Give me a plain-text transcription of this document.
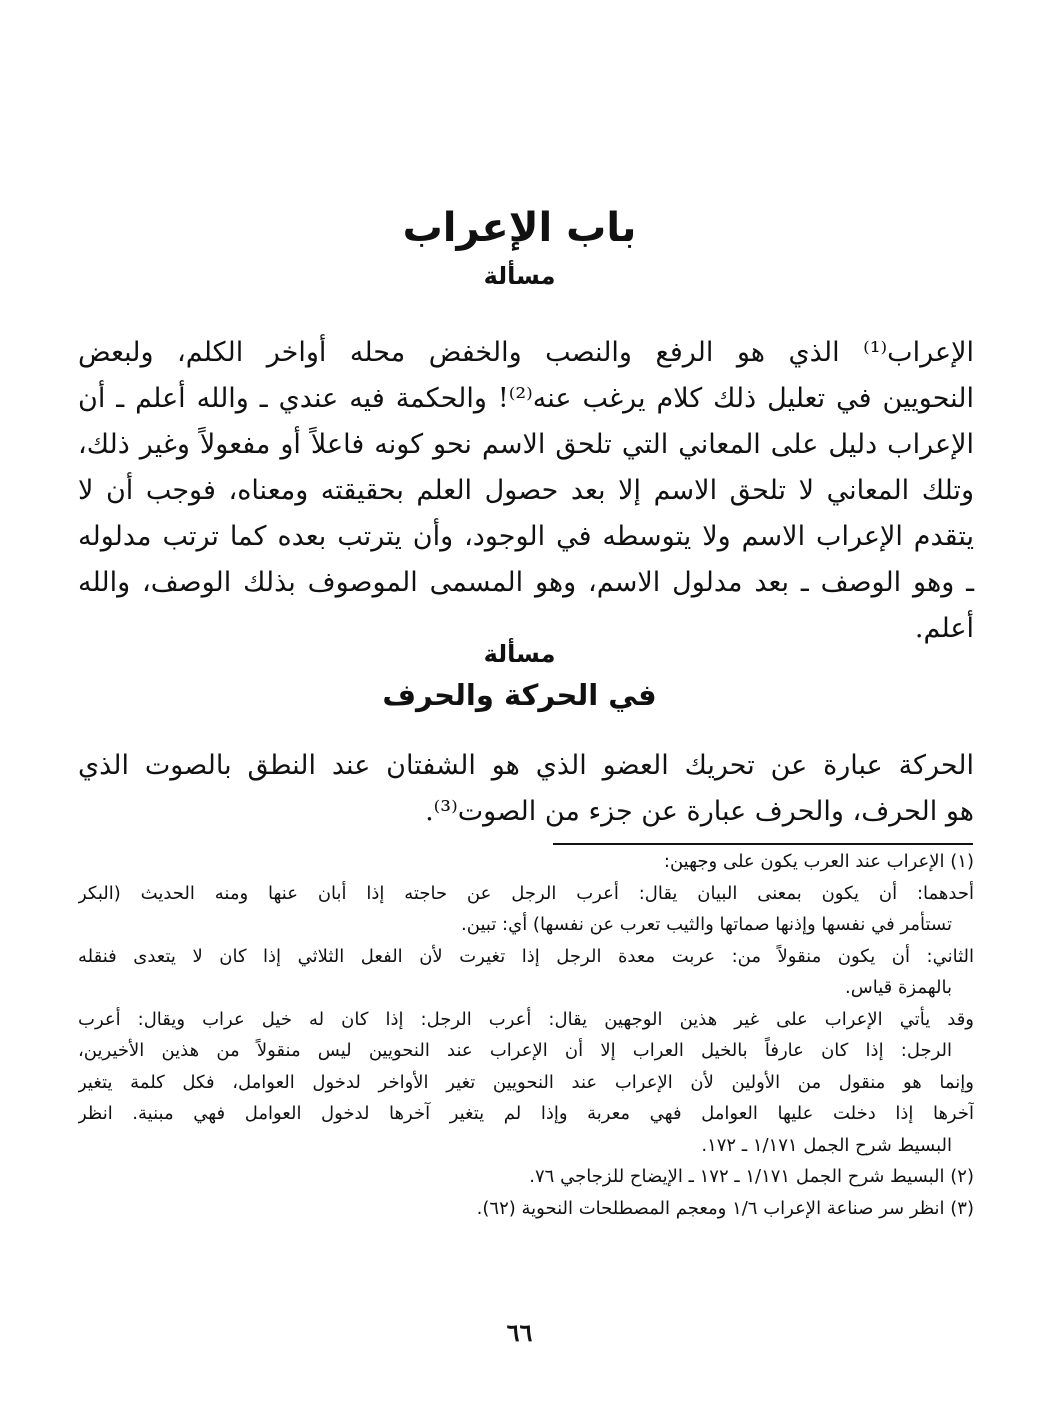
باب الإعراب
مسألة
الإعراب⁽¹⁾ الذي هو الرفع والنصب والخفض محله أواخر الكلم، ولبعض
النحويين في تعليل ذلك كلام يرغب عنه⁽²⁾! والحكمة فيه عندي ـ والله أعلم ـ أن
الإعراب دليل على المعاني التي تلحق الاسم نحو كونه فاعلاً أو مفعولاً وغير ذلك،
وتلك المعاني لا تلحق الاسم إلا بعد حصول العلم بحقيقته ومعناه، فوجب أن لا
يتقدم الإعراب الاسم ولا يتوسطه في الوجود، وأن يترتب بعده كما ترتب مدلوله
ـ وهو الوصف ـ بعد مدلول الاسم، وهو المسمى الموصوف بذلك الوصف، والله
أعلم.
مسألة
في الحركة والحرف
الحركة عبارة عن تحريك العضو الذي هو الشفتان عند النطق بالصوت الذي
هو الحرف، والحرف عبارة عن جزء من الصوت⁽³⁾.
(١) الإعراب عند العرب يكون على وجهين:
أحدهما: أن يكون بمعنى البيان يقال: أعرب الرجل عن حاجته إذا أبان عنها ومنه الحديث (البكر
تستأمر في نفسها وإذنها صماتها والثيب تعرب عن نفسها) أي: تبين.
الثاني: أن يكون منقولاً من: عربت معدة الرجل إذا تغيرت لأن الفعل الثلاثي إذا كان لا يتعدى فنقله
بالهمزة قياس.
وقد يأتي الإعراب على غير هذين الوجهين يقال: أعرب الرجل: إذا كان له خيل عراب ويقال: أعرب
الرجل: إذا كان عارفاً بالخيل العراب إلا أن الإعراب عند النحويين ليس منقولاً من هذين الأخيرين،
وإنما هو منقول من الأولين لأن الإعراب عند النحويين تغير الأواخر لدخول العوامل، فكل كلمة يتغير
آخرها إذا دخلت عليها العوامل فهي معربة وإذا لم يتغير آخرها لدخول العوامل فهي مبنية. انظر
البسيط شرح الجمل ١/١٧١ ـ ١٧٢.
(٢) البسيط شرح الجمل ١/١٧١ ـ ١٧٢ ـ الإيضاح للزجاجي ٧٦.
(٣) انظر سر صناعة الإعراب ١/٦ ومعجم المصطلحات النحوية (٦٢).
٦٦
